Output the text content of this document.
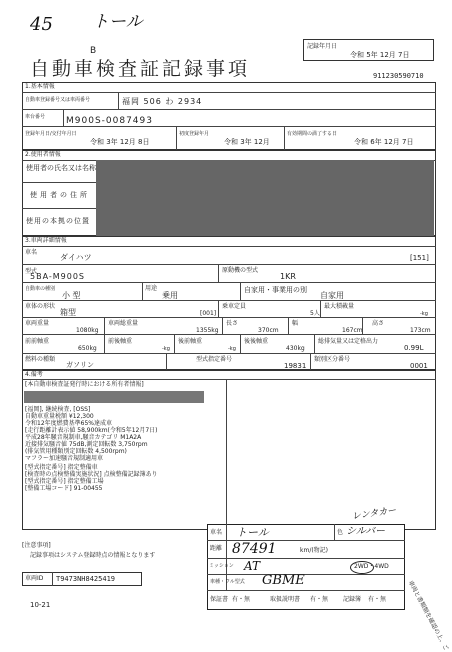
45 トール
B	記録年月日
令和 5年 12月 7日
自動車検査証記録事項	911230590710
1.基本情報
自動車登録番号又は車両番号	福岡 506 わ 2934
車台番号 M900S-0087493
登録年月日/交付年月日
令和 3年 12月 8日
初度登録年月
令和 3年 12月
有効期間の満了する日
令和 6年 12月 7日
2.使用者情報
使用者の氏名又は名称
使用者の住所
使用の本拠の位置
3.車両詳細情報
車名
ダイハツ	[151]
型式
5BA-M900S
原動機の型式
1KR
自動車の種別
小 型
用途
乗用
自家用・事業用の別
自家用
車体の形状
箱型	[001]
乗車定員
5人
最大積載量
-kg
車両重量
1080kg
車両総重量
1355kg
長さ
370cm
幅
167cm
高さ
173cm
前前軸重
650kg
前後軸重
-kg
後前軸重
-kg
後後軸重
430kg
総排気量又は定格出力
0.99L
燃料の種類
ガソリン
型式指定番号
19831
類別区分番号
0001
4.備考
[本自動車検査証発行時における所有者情報]
[福岡], 継続検査, [OSS]
自動車重量税額 ¥12,300
令和12年度燃費基準65%達成車
[走行距離計表示値 58,900km(令和5年12月7日)
平成28年騒音規制車,騒音カテゴリ M1A2A
近接排気騒音値 75dB,測定回転数 3,750rpm
(排気管用種類別定回転数 4,500rpm)
マフラー加速騒音規制適用車
[型式指定番号] 指定整備車
[検査時の点検整備実施状況] 点検整備記録簿あり
[型式指定番号] 指定整備工場
[整備工場コード] 91-00455
[注意事項]
記録事項はシステム登録時点の情報となります
車両ID T9473NH8425419
10-21	車両と書類類を確認の上、ご
レンタカー
車名 トール	色 シルバー
距離 87491	km/(物記)
ミッション AT	2WD・4WD
車種・フル型式 GBME
保証書 有・無	取扱説明書 有・無 記録簿 有・無
